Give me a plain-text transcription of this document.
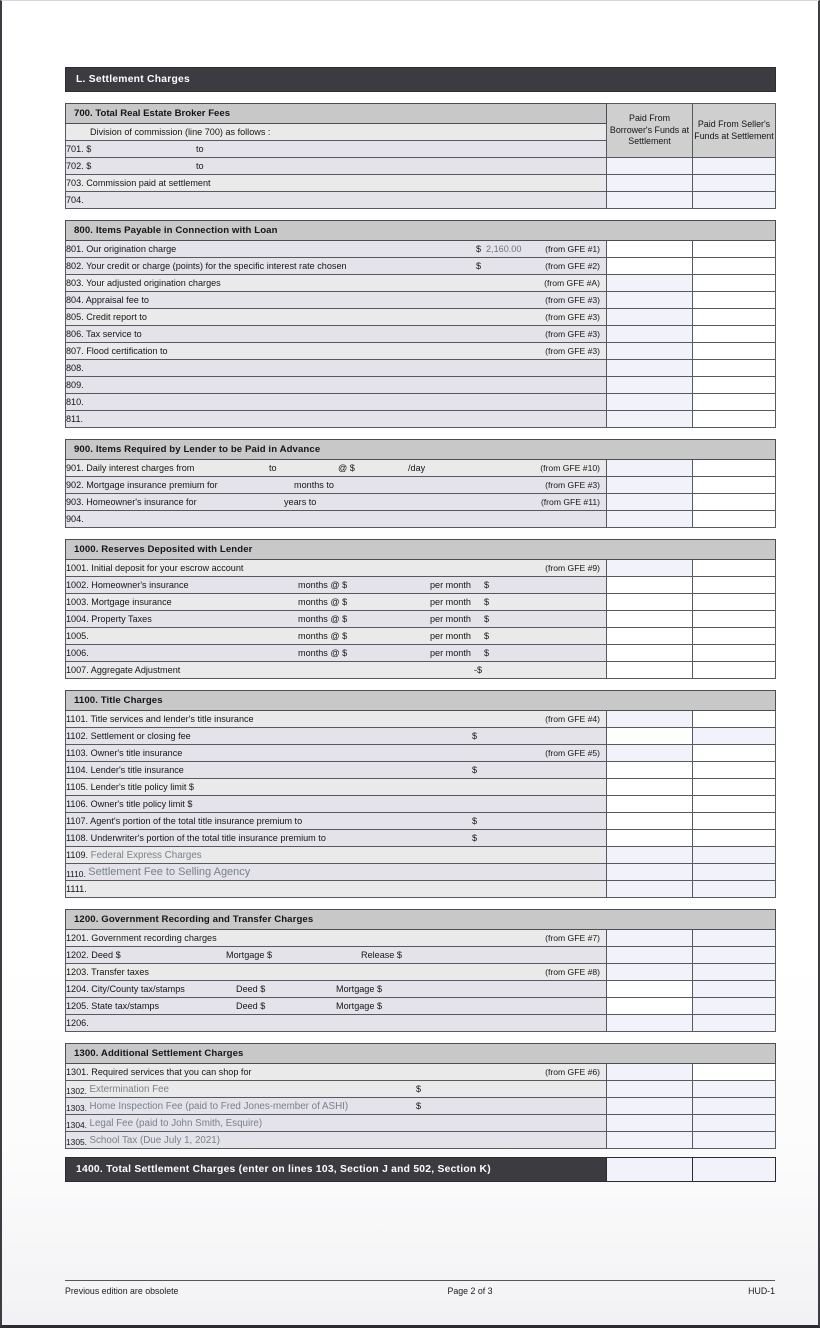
L. Settlement Charges
700. Total Real Estate Broker Fees	Paid From Borrower's Funds at Settlement	Paid From Seller's Funds at Settlement
Division of commission (line 700) as follows :		
701. $ to		

702. $ to		

703. Commission paid at settlement		
704.		
800. Items Payable in Connection with Loan		
801. Our origination charge $ 2,160.00 (from GFE #1)		

802. Your credit or charge (points) for the specific interest rate chosen $ (from GFE #2)		

803. Your adjusted origination charges (from GFE #A)		

804. Appraisal fee to (from GFE #3)		

805. Credit report to (from GFE #3)		

806. Tax service to (from GFE #3)		

807. Flood certification to (from GFE #3)		

808.		
809.		
810.		
811.		
900. Items Required by Lender to be Paid in Advance		
901. Daily interest charges from to @ $ /day (from GFE #10)		

902. Mortgage insurance premium for months to (from GFE #3)		

903. Homeowner's insurance for years to (from GFE #11)		

904.		
1000. Reserves Deposited with Lender		
1001. Initial deposit for your escrow account (from GFE #9)		

1002. Homeowner's insurance months @ $ per month $		

1003. Mortgage insurance months @ $ per month $		

1004. Property Taxes months @ $ per month $		

1005. months @ $ per month $		

1006. months @ $ per month $		

1007. Aggregate Adjustment -$		

1100. Title Charges		
1101. Title services and lender's title insurance (from GFE #4)		

1102. Settlement or closing fee $		

1103. Owner's title insurance (from GFE #5)		

1104. Lender's title insurance $		

1105. Lender's title policy limit $		
1106. Owner's title policy limit $		
1107. Agent's portion of the total title insurance premium to $		

1108. Underwriter's portion of the total title insurance premium to $		

1109. Federal Express Charges		
1110. Settlement Fee to Selling Agency		
1111.		
1200. Government Recording and Transfer Charges		
1201. Government recording charges (from GFE #7)		

1202. Deed $ Mortgage $ Release $		

1203. Transfer taxes (from GFE #8)		

1204. City/County tax/stamps Deed $ Mortgage $		

1205. State tax/stamps Deed $ Mortgage $		

1206.		
1300. Additional Settlement Charges		
1301. Required services that you can shop for (from GFE #6)		

1302. Extermination Fee $		

1303. Home Inspection Fee (paid to Fred Jones-member of ASHI) $		

1304. Legal Fee (paid to John Smith, Esquire)		
1305. School Tax (Due July 1, 2021)		
1400. Total Settlement Charges (enter on lines 103, Section J and 502, Section K)		
Previous edition are obsolete	Page 2 of 3	HUD-1
